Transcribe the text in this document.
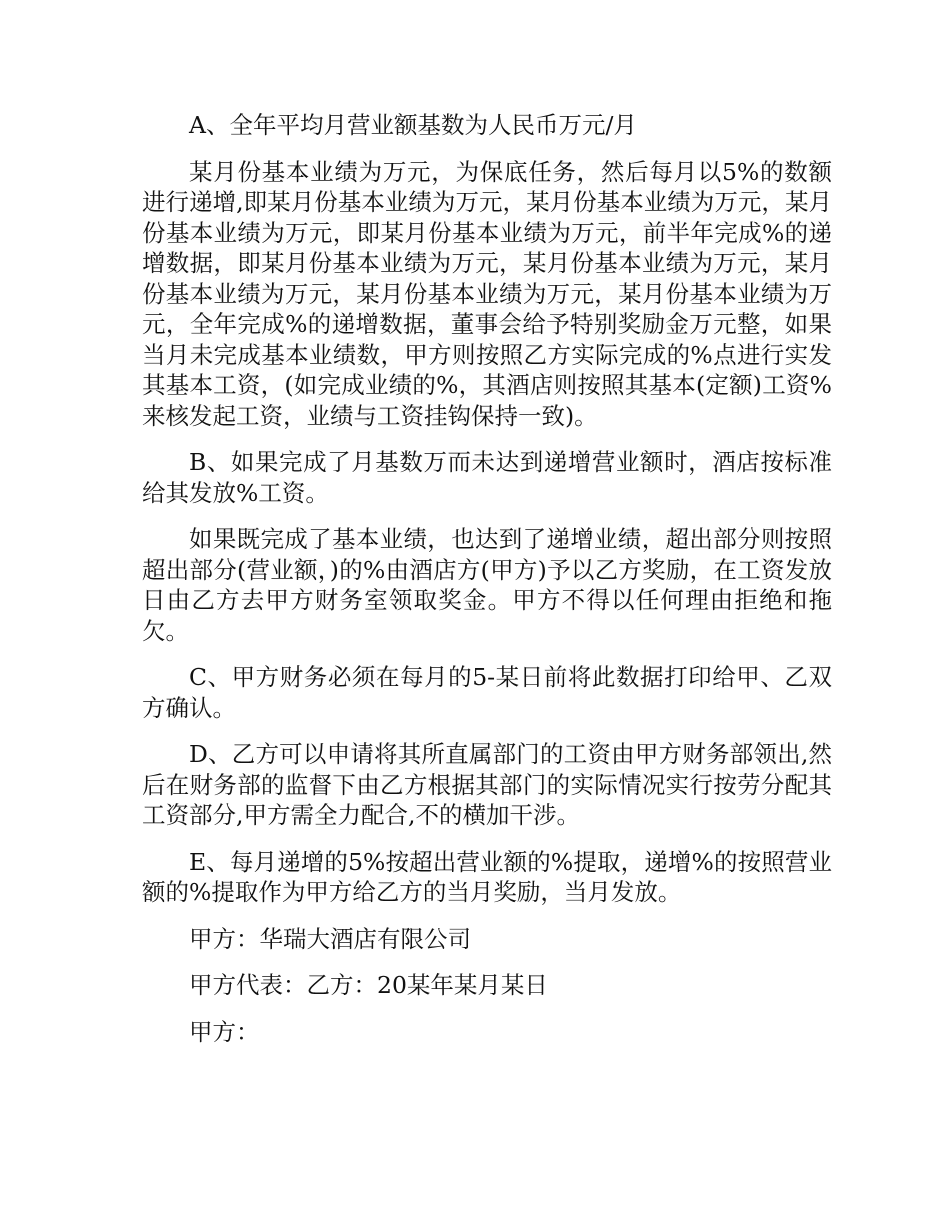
A、全年平均月营业额基数为人民币万元/月

某月份基本业绩为万元，为保底任务，然后每月以5%的数额进行递增,即某月份基本业绩为万元，某月份基本业绩为万元，某月份基本业绩为万元，即某月份基本业绩为万元，前半年完成%的递增数据，即某月份基本业绩为万元，某月份基本业绩为万元，某月份基本业绩为万元，某月份基本业绩为万元，某月份基本业绩为万元，全年完成%的递增数据，董事会给予特别奖励金万元整，如果当月未完成基本业绩数，甲方则按照乙方实际完成的%点进行实发其基本工资，(如完成业绩的%，其酒店则按照其基本(定额)工资%来核发起工资，业绩与工资挂钩保持一致)。

B、如果完成了月基数万而未达到递增营业额时，酒店按标准给其发放%工资。

如果既完成了基本业绩，也达到了递增业绩，超出部分则按照超出部分(营业额，)的%由酒店方(甲方)予以乙方奖励，在工资发放日由乙方去甲方财务室领取奖金。甲方不得以任何理由拒绝和拖欠。

C、甲方财务必须在每月的5-某日前将此数据打印给甲、乙双方确认。

D、乙方可以申请将其所直属部门的工资由甲方财务部领出,然后在财务部的监督下由乙方根据其部门的实际情况实行按劳分配其工资部分,甲方需全力配合,不的横加干涉。

E、每月递增的5%按超出营业额的%提取，递增%的按照营业额的%提取作为甲方给乙方的当月奖励，当月发放。

甲方：华瑞大酒店有限公司

甲方代表：乙方：20某年某月某日

甲方：
